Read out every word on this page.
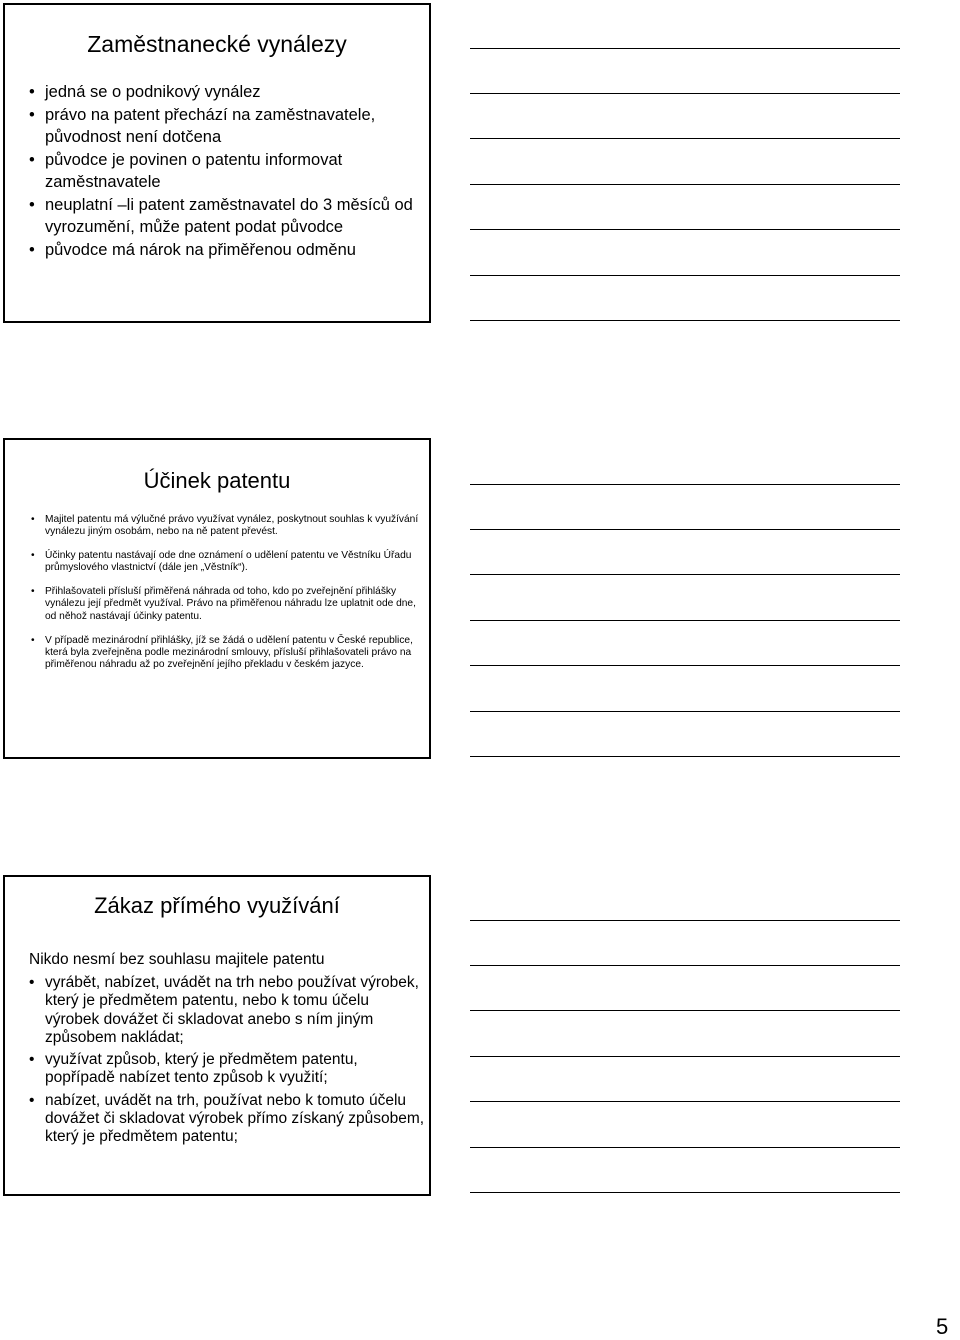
Zaměstnanecké vynálezy
• jedná se o podnikový vynález
• právo na patent přechází na zaměstnavatele, původnost není dotčena
• původce je povinen o patentu informovat zaměstnavatele
• neuplatní –li patent zaměstnavatel do 3 měsíců od vyrozumění, může patent podat původce
• původce má nárok na přiměřenou odměnu
Účinek patentu
• Majitel patentu má výlučné právo využívat vynález, poskytnout souhlas k využívání vynálezu jiným osobám, nebo na ně patent převést.
• Účinky patentu nastávají ode dne oznámení o udělení patentu ve Věstníku Úřadu průmyslového vlastnictví (dále jen „Věstník“).
• Přihlašovateli přísluší přiměřená náhrada od toho, kdo po zveřejnění přihlášky vynálezu její předmět využíval. Právo na přiměřenou náhradu lze uplatnit ode dne, od něhož nastávají účinky patentu.
• V případě mezinárodní přihlášky, jíž se žádá o udělení patentu v České republice, která byla zveřejněna podle mezinárodní smlouvy, přísluší přihlašovateli právo na přiměřenou náhradu až po zveřejnění jejího překladu v českém jazyce.
Zákaz přímého využívání
Nikdo nesmí bez souhlasu majitele patentu
• vyrábět, nabízet, uvádět na trh nebo používat výrobek, který je předmětem patentu, nebo k tomu účelu výrobek dovážet či skladovat anebo s ním jiným způsobem nakládat;
• využívat způsob, který je předmětem patentu, popřípadě nabízet tento způsob k využití;
• nabízet, uvádět na trh, používat nebo k tomuto účelu dovážet či skladovat výrobek přímo získaný způsobem, který je předmětem patentu;
5
